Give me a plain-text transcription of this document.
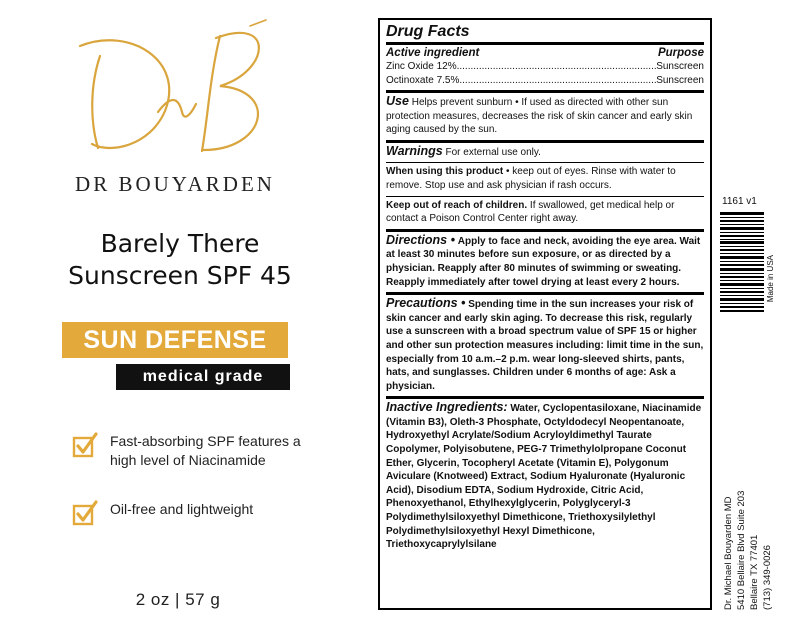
DR BOUYARDEN
Barely There
Sunscreen SPF 45
SUN DEFENSE
medical grade
Fast-absorbing SPF features a high level of Niacinamide
Oil-free and lightweight
2 oz | 57 g
Drug Facts
Active ingredient	Purpose
Zinc Oxide 12% .....	Sunscreen
Octinoxate 7.5% .....	Sunscreen
Use Helps prevent sunburn • If used as directed with other sun protection measures, decreases the risk of skin cancer and early skin aging caused by the sun.
Warnings For external use only.
When using this product • keep out of eyes. Rinse with water to remove. Stop use and ask physician if rash occurs.
Keep out of reach of children. If swallowed, get medical help or contact a Poison Control Center right away.
Directions • Apply to face and neck, avoiding the eye area. Wait at least 30 minutes before sun exposure, or as directed by a physician. Reapply after 80 minutes of swimming or sweating. Reapply immediately after towel drying at least every 2 hours.
Precautions • Spending time in the sun increases your risk of skin cancer and early skin aging. To decrease this risk, regularly use a sunscreen with a broad spectrum value of SPF 15 or higher and other sun protection measures including: limit time in the sun, especially from 10 a.m.–2 p.m. wear long-sleeved shirts, pants, hats, and sunglasses. Children under 6 months of age: Ask a physician.
Inactive Ingredients: Water, Cyclopentasiloxane, Niacinamide (Vitamin B3), Oleth-3 Phosphate, Octyldodecyl Neopentanoate, Hydroxyethyl Acrylate/Sodium Acryloyldimethyl Taurate Copolymer, Polyisobutene, PEG-7 Trimethylolpropane Coconut Ether, Glycerin, Tocopheryl Acetate (Vitamin E), Polygonum Aviculare (Knotweed) Extract, Sodium Hyaluronate (Hyaluronic Acid), Disodium EDTA, Sodium Hydroxide, Citric Acid, Phenoxyethanol, Ethylhexylglycerin, Polyglyceryl-3 Polydimethylsiloxyethyl Dimethicone, Triethoxysilylethyl Polydimethylsiloxyethyl Hexyl Dimethicone, Triethoxycaprylylsilane
1161 v1
Made in USA
Dr. Michael Bouyarden MD 5410 Bellaire Blvd Suite 203 Bellaire TX 77401 (713) 349-0026
